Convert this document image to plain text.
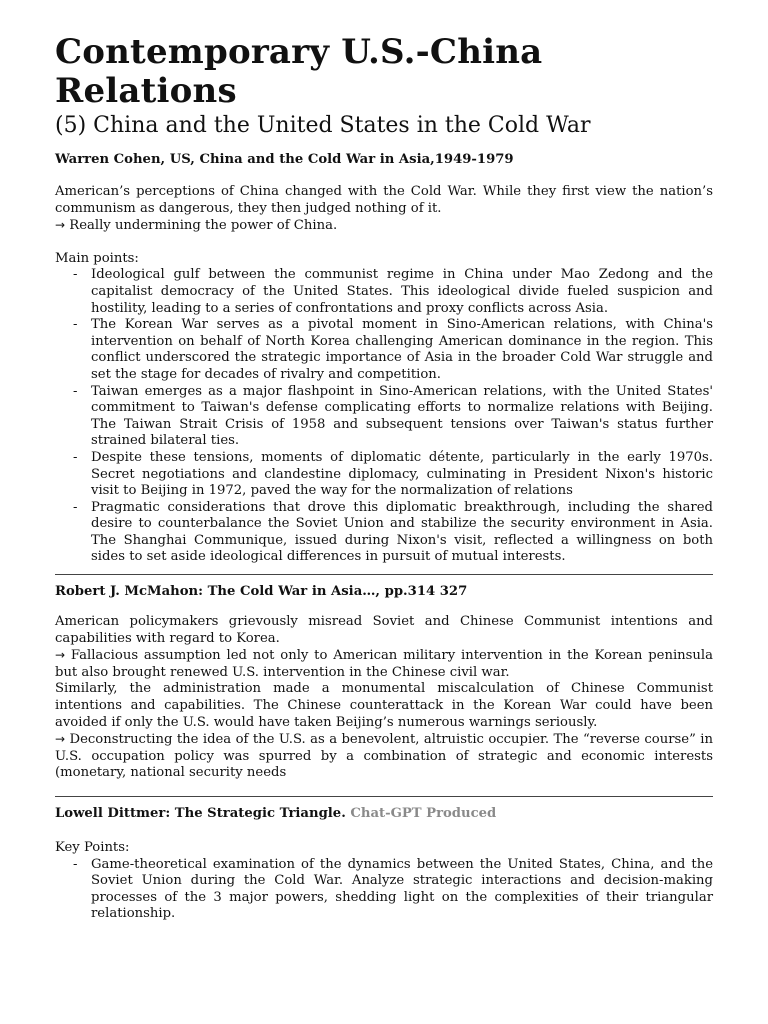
Contemporary U.S.-China Relations
(5) China and the United States in the Cold War
Warren Cohen, US, China and the Cold War in Asia,1949-1979

American’s perceptions of China changed with the Cold War. While they first view the nation’s communism as dangerous, they then judged nothing of it.

→ Really undermining the power of China.

Main points:

- Ideological gulf between the communist regime in China under Mao Zedong and the capitalist democracy of the United States. This ideological divide fueled suspicion and hostility, leading to a series of confrontations and proxy conflicts across Asia.
- The Korean War serves as a pivotal moment in Sino-American relations, with China's intervention on behalf of North Korea challenging American dominance in the region. This conflict underscored the strategic importance of Asia in the broader Cold War struggle and set the stage for decades of rivalry and competition.
- Taiwan emerges as a major flashpoint in Sino-American relations, with the United States' commitment to Taiwan's defense complicating efforts to normalize relations with Beijing. The Taiwan Strait Crisis of 1958 and subsequent tensions over Taiwan's status further strained bilateral ties.
- Despite these tensions, moments of diplomatic détente, particularly in the early 1970s. Secret negotiations and clandestine diplomacy, culminating in President Nixon's historic visit to Beijing in 1972, paved the way for the normalization of relations
- Pragmatic considerations that drove this diplomatic breakthrough, including the shared desire to counterbalance the Soviet Union and stabilize the security environment in Asia. The Shanghai Communique, issued during Nixon's visit, reflected a willingness on both sides to set aside ideological differences in pursuit of mutual interests.
Robert J. McMahon: The Cold War in Asia…, pp.314 327

American policymakers grievously misread Soviet and Chinese Communist intentions and capabilities with regard to Korea.

→ Fallacious assumption led not only to American military intervention in the Korean peninsula but also brought renewed U.S. intervention in the Chinese civil war.

Similarly, the administration made a monumental miscalculation of Chinese Communist intentions and capabilities. The Chinese counterattack in the Korean War could have been avoided if only the U.S. would have taken Beijing’s numerous warnings seriously.

→ Deconstructing the idea of the U.S. as a benevolent, altruistic occupier. The “reverse course” in U.S. occupation policy was spurred by a combination of strategic and economic interests (monetary, national security needs

Lowell Dittmer: The Strategic Triangle. Chat-GPT Produced

Key Points:

- Game-theoretical examination of the dynamics between the United States, China, and the Soviet Union during the Cold War. Analyze strategic interactions and decision-making processes of the 3 major powers, shedding light on the complexities of their triangular relationship.
